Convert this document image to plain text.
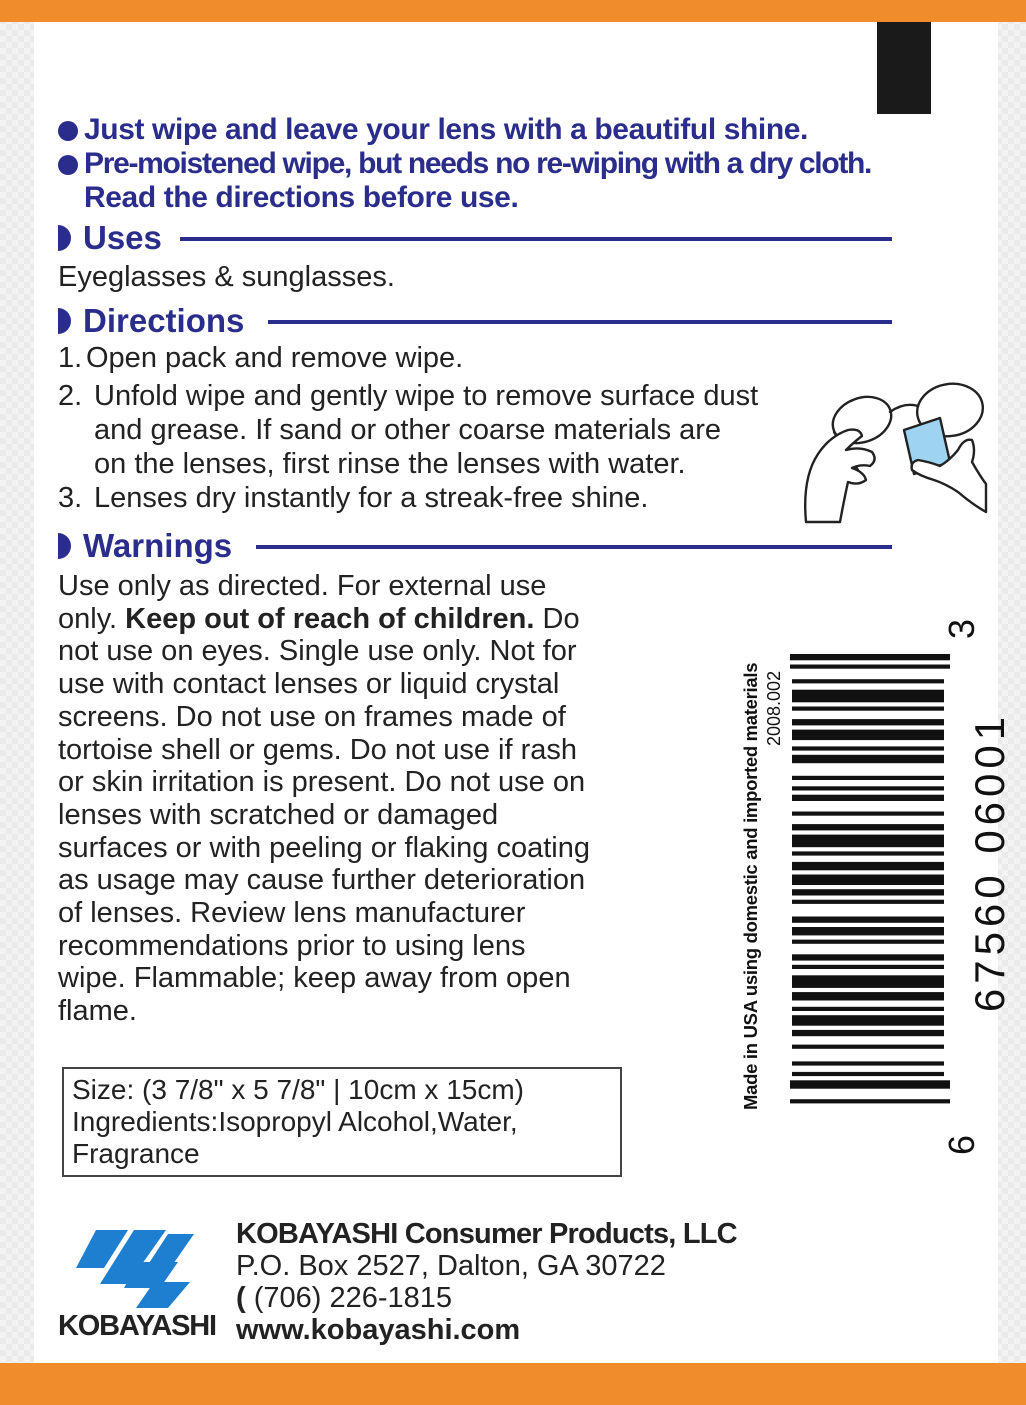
Just wipe and leave your lens with a beautiful shine.
Pre-moistened wipe, but needs no re-wiping with a dry cloth.
Read the directions before use.
Uses
Eyeglasses & sunglasses.
Directions
1. Open pack and remove wipe.
2. Unfold wipe and gently wipe to remove surface dust
and grease. If sand or other coarse materials are
on the lenses, first rinse the lenses with water.
3. Lenses dry instantly for a streak-free shine.
Warnings
Use only as directed. For external use
only. Keep out of reach of children. Do
not use on eyes. Single use only. Not for
use with contact lenses or liquid crystal
screens. Do not use on frames made of
tortoise shell or gems. Do not use if rash
or skin irritation is present. Do not use on
lenses with scratched or damaged
surfaces or with peeling or flaking coating
as usage may cause further deterioration
of lenses. Review lens manufacturer
recommendations prior to using lens
wipe. Flammable; keep away from open
flame.
Size: (3 7/8" x 5 7/8" | 10cm x 15cm)
Ingredients:Isopropyl Alcohol,Water,
Fragrance
Made in USA using domestic and imported materials 2008.002
3
67560 06001
6
KOBAYASHI
KOBAYASHI Consumer Products, LLC
P.O. Box 2527, Dalton, GA 30722
( (706) 226-1815
www.kobayashi.com
